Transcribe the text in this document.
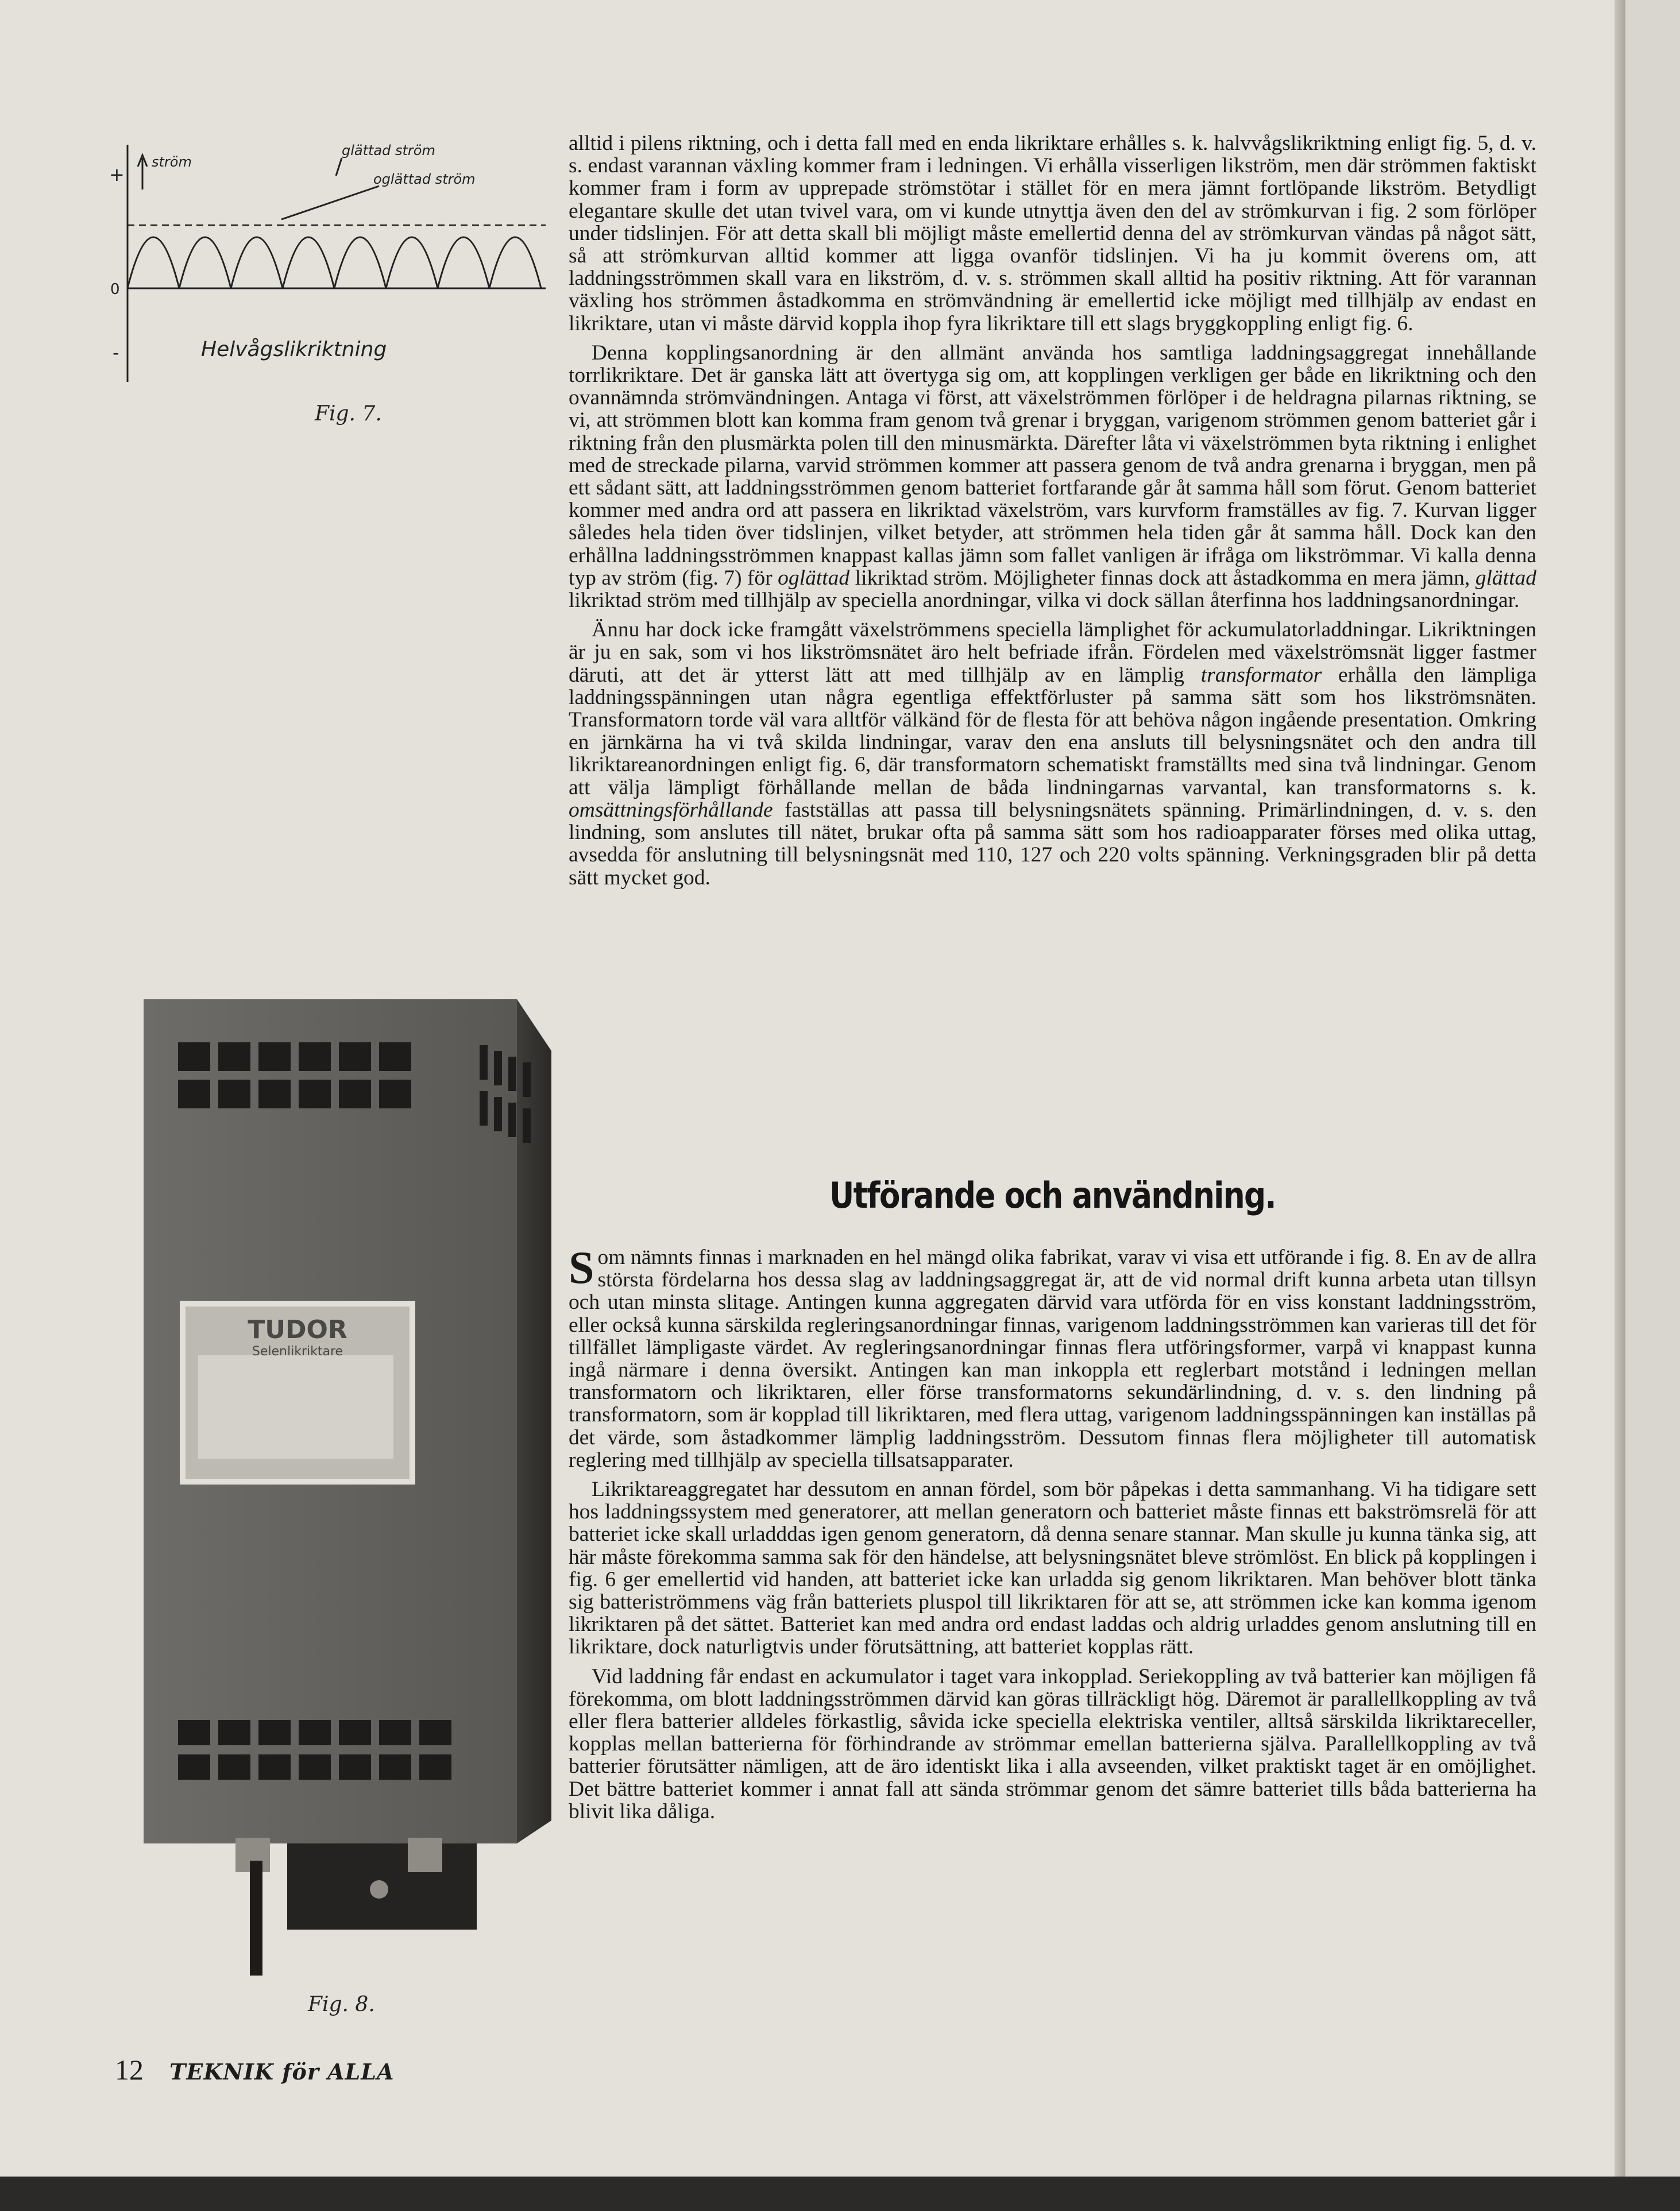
+
0
-
ström
glättad ström
oglättad ström
Helvågslikriktning
Fig. 7.
TUDOR
Selenlikriktare
Fig. 8.

alltid i pilens riktning, och i detta fall med en enda likriktare erhålles s. k. halvvågslikriktning enligt fig. 5, d. v. s. endast varannan växling kommer fram i ledningen. Vi erhålla visserligen likström, men där strömmen faktiskt kommer fram i form av upprepade strömstötar i stället för en mera jämnt fortlöpande likström. Betydligt elegantare skulle det utan tvivel vara, om vi kunde utnyttja även den del av strömkurvan i fig. 2 som förlöper under tidslinjen. För att detta skall bli möjligt måste emellertid denna del av strömkurvan vändas på något sätt, så att strömkurvan alltid kommer att ligga ovanför tidslinjen. Vi ha ju kommit överens om, att laddningsströmmen skall vara en likström, d. v. s. strömmen skall alltid ha positiv riktning. Att för varannan växling hos strömmen åstadkomma en strömvändning är emellertid icke möjligt med tillhjälp av endast en likriktare, utan vi måste därvid koppla ihop fyra likriktare till ett slags bryggkoppling enligt fig. 6.

Denna kopplingsanordning är den allmänt använda hos samtliga laddningsaggregat innehållande torrlikriktare. Det är ganska lätt att övertyga sig om, att kopplingen verkligen ger både en likriktning och den ovannämnda strömvändningen. Antaga vi först, att växelströmmen förlöper i de heldragna pilarnas riktning, se vi, att strömmen blott kan komma fram genom två grenar i bryggan, varigenom strömmen genom batteriet går i riktning från den plusmärkta polen till den minusmärkta. Därefter låta vi växelströmmen byta riktning i enlighet med de streckade pilarna, varvid strömmen kommer att passera genom de två andra grenarna i bryggan, men på ett sådant sätt, att laddningsströmmen genom batteriet fortfarande går åt samma håll som förut. Genom batteriet kommer med andra ord att passera en likriktad växelström, vars kurvform framställes av fig. 7. Kurvan ligger således hela tiden över tidslinjen, vilket betyder, att strömmen hela tiden går åt samma håll. Dock kan den erhållna laddningsströmmen knappast kallas jämn som fallet vanligen är ifråga om likströmmar. Vi kalla denna typ av ström (fig. 7) för oglättad likriktad ström. Möjligheter finnas dock att åstadkomma en mera jämn, glättad likriktad ström med tillhjälp av speciella anordningar, vilka vi dock sällan återfinna hos laddningsanordningar.

Ännu har dock icke framgått växelströmmens speciella lämplighet för ackumulatorladdningar. Likriktningen är ju en sak, som vi hos likströmsnätet äro helt befriade ifrån. Fördelen med växelströmsnät ligger fastmer däruti, att det är ytterst lätt att med tillhjälp av en lämplig transformator erhålla den lämpliga laddningsspänningen utan några egentliga effektförluster på samma sätt som hos likströmsnäten. Transformatorn torde väl vara alltför välkänd för de flesta för att behöva någon ingående presentation. Omkring en järnkärna ha vi två skilda lindningar, varav den ena ansluts till belysningsnätet och den andra till likriktareanordningen enligt fig. 6, där transformatorn schematiskt framställts med sina två lindningar. Genom att välja lämpligt förhållande mellan de båda lindningarnas varvantal, kan transformatorns s. k. omsättningsförhållande fastställas att passa till belysningsnätets spänning. Primärlindningen, d. v. s. den lindning, som anslutes till nätet, brukar ofta på samma sätt som hos radioapparater förses med olika uttag, avsedda för anslutning till belysningsnät med 110, 127 och 220 volts spänning. Verkningsgraden blir på detta sätt mycket god.

Utförande och användning.

Som nämnts finnas i marknaden en hel mängd olika fabrikat, varav vi visa ett utförande i fig. 8. En av de allra största fördelarna hos dessa slag av laddningsaggregat är, att de vid normal drift kunna arbeta utan tillsyn och utan minsta slitage. Antingen kunna aggregaten därvid vara utförda för en viss konstant laddningsström, eller också kunna särskilda regleringsanordningar finnas, varigenom laddningsströmmen kan varieras till det för tillfället lämpligaste värdet. Av regleringsanordningar finnas flera utföringsformer, varpå vi knappast kunna ingå närmare i denna översikt. Antingen kan man inkoppla ett reglerbart motstånd i ledningen mellan transformatorn och likriktaren, eller förse transformatorns sekundärlindning, d. v. s. den lindning på transformatorn, som är kopplad till likriktaren, med flera uttag, varigenom laddningsspänningen kan inställas på det värde, som åstadkommer lämplig laddningsström. Dessutom finnas flera möjligheter till automatisk reglering med tillhjälp av speciella tillsatsapparater.

Likriktareaggregatet har dessutom en annan fördel, som bör påpekas i detta sammanhang. Vi ha tidigare sett hos laddningssystem med generatorer, att mellan generatorn och batteriet måste finnas ett bakströmsrelä för att batteriet icke skall urladddas igen genom generatorn, då denna senare stannar. Man skulle ju kunna tänka sig, att här måste förekomma samma sak för den händelse, att belysningsnätet bleve strömlöst. En blick på kopplingen i fig. 6 ger emellertid vid handen, att batteriet icke kan urladda sig genom likriktaren. Man behöver blott tänka sig batteriströmmens väg från batteriets pluspol till likriktaren för att se, att strömmen icke kan komma igenom likriktaren på det sättet. Batteriet kan med andra ord endast laddas och aldrig urladdes genom anslutning till en likriktare, dock naturligtvis under förutsättning, att batteriet kopplas rätt.

Vid laddning får endast en ackumulator i taget vara inkopplad. Seriekoppling av två batterier kan möjligen få förekomma, om blott laddningsströmmen därvid kan göras tillräckligt hög. Däremot är parallellkoppling av två eller flera batterier alldeles förkastlig, såvida icke speciella elektriska ventiler, alltså särskilda likriktareceller, kopplas mellan batterierna för förhindrande av strömmar emellan batterierna själva. Parallellkoppling av två batterier förutsätter nämligen, att de äro identiskt lika i alla avseenden, vilket praktiskt taget är en omöjlighet. Det bättre batteriet kommer i annat fall att sända strömmar genom det sämre batteriet tills båda batterierna ha blivit lika dåliga.

12 TEKNIK för ALLA
